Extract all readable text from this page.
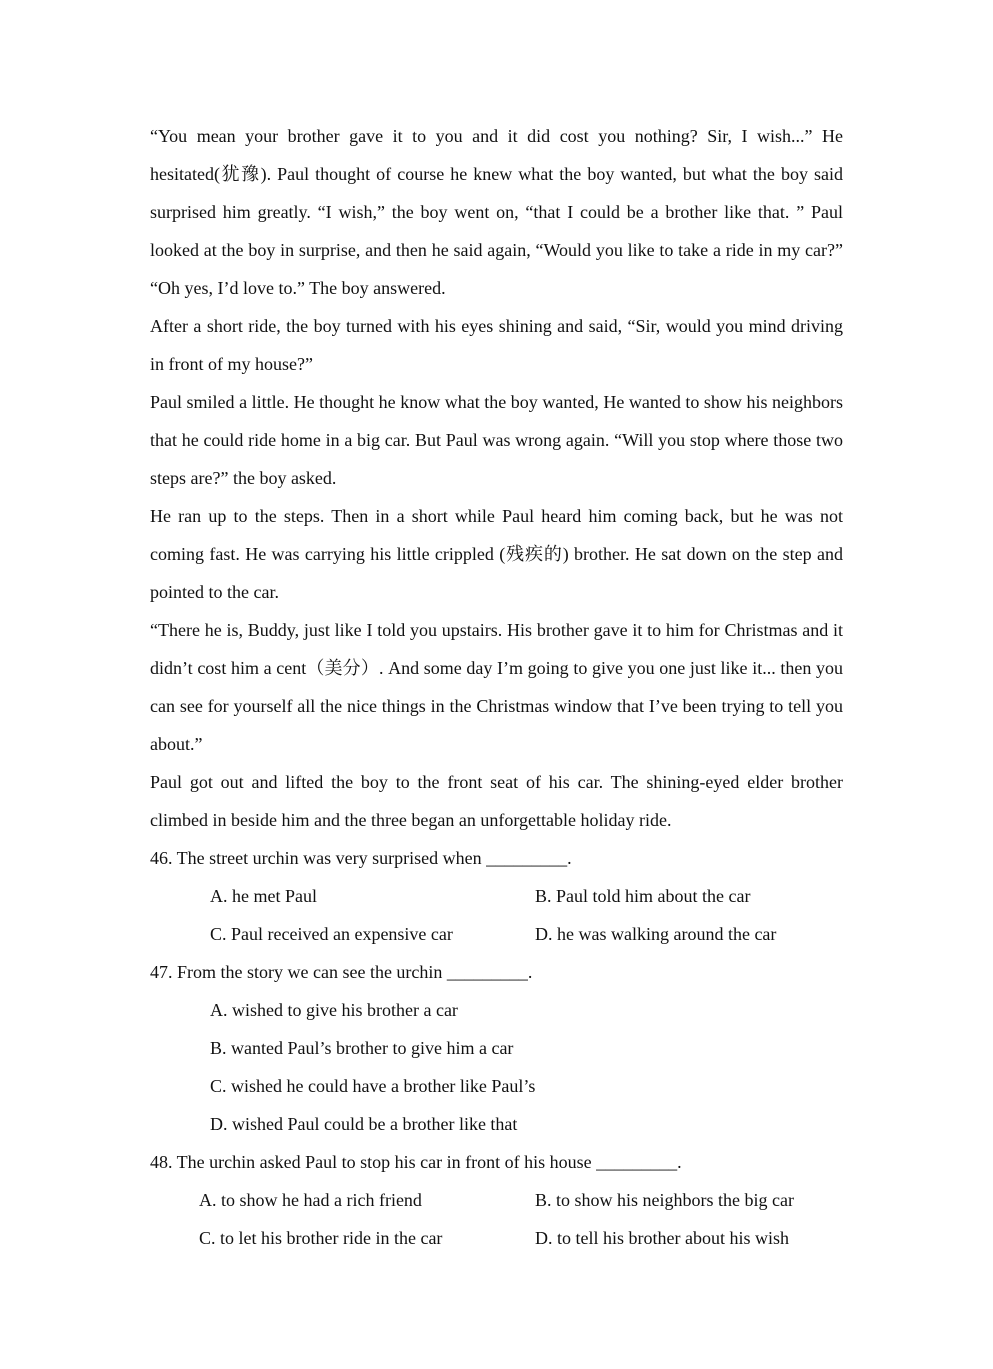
“You mean your brother gave it to you and it did cost you nothing? Sir, I wish...” He hesitated(犹豫). Paul thought of course he knew what the boy wanted, but what the boy said surprised him greatly. “I wish,” the boy went on, “that I could be a brother like that. ” Paul looked at the boy in surprise, and then he said again, “Would you like to take a ride in my car?” “Oh yes, I’d love to.” The boy answered.

After a short ride, the boy turned with his eyes shining and said, “Sir, would you mind driving in front of my house?”

Paul smiled a little. He thought he know what the boy wanted, He wanted to show his neighbors that he could ride home in a big car. But Paul was wrong again. “Will you stop where those two steps are?” the boy asked.

He ran up to the steps. Then in a short while Paul heard him coming back, but he was not coming fast. He was carrying his little crippled (残疾的) brother. He sat down on the step and pointed to the car.

“There he is, Buddy, just like I told you upstairs. His brother gave it to him for Christmas and it didn’t cost him a cent（美分）. And some day I’m going to give you one just like it... then you can see for yourself all the nice things in the Christmas window that I’ve been trying to tell you about.”

Paul got out and lifted the boy to the front seat of his car. The shining-eyed elder brother climbed in beside him and the three began an unforgettable holiday ride.

46. The street urchin was very surprised when _________.

A. he met Paul	B. Paul told him about the car
C. Paul received an expensive car	D. he was walking around the car

47. From the story we can see the urchin _________.

A. wished to give his brother a car
B. wanted Paul’s brother to give him a car
C. wished he could have a brother like Paul’s
D. wished Paul could be a brother like that

48. The urchin asked Paul to stop his car in front of his house _________.

A. to show he had a rich friend	B. to show his neighbors the big car
C. to let his brother ride in the car	D. to tell his brother about his wish
